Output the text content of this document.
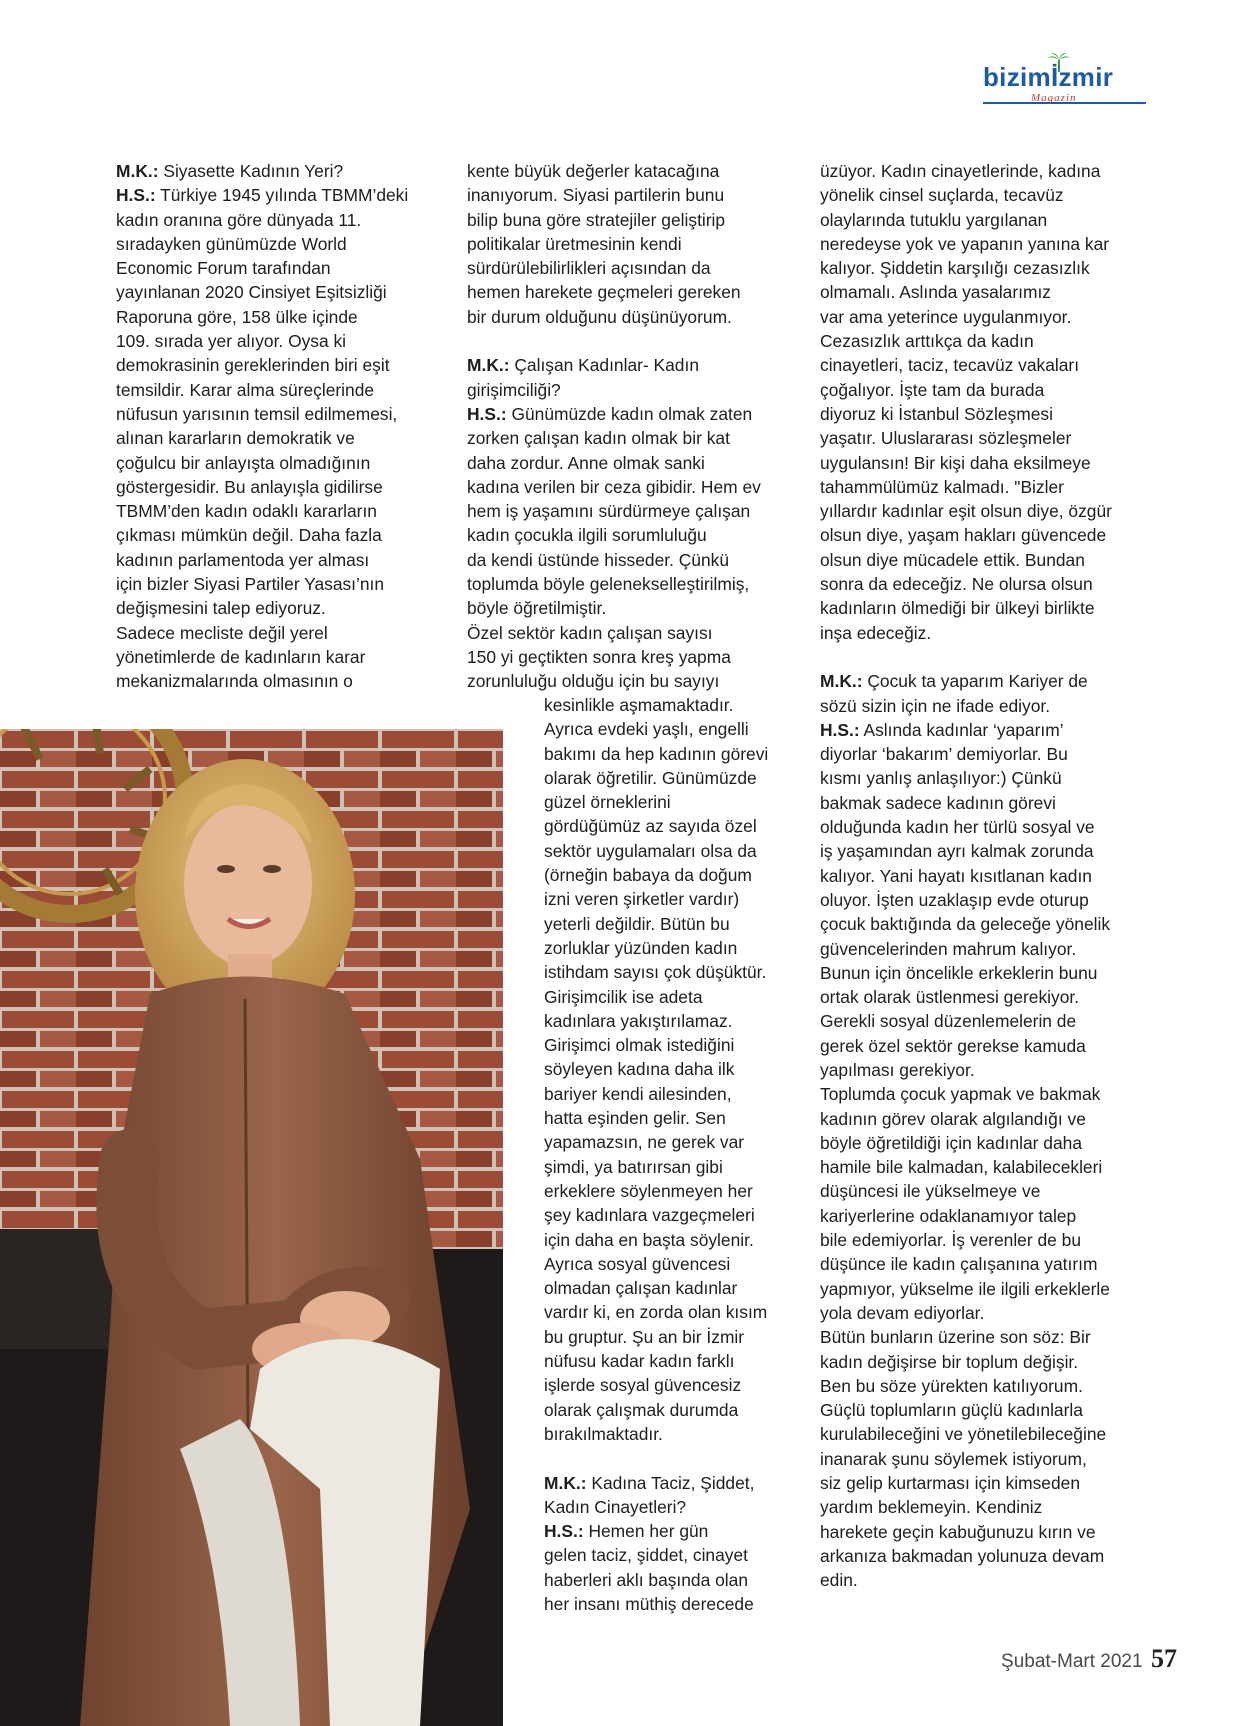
bizimİzmir
Magazin

M.K.: Siyasette Kadının Yeri?

H.S.: Türkiye 1945 yılında TBMM’deki

kadın oranına göre dünyada 11.

sıradayken günümüzde World

Economic Forum tarafından

yayınlanan 2020 Cinsiyet Eşitsizliği

Raporuna göre, 158 ülke içinde

109. sırada yer alıyor. Oysa ki

demokrasinin gereklerinden biri eşit

temsildir. Karar alma süreçlerinde

nüfusun yarısının temsil edilmemesi,

alınan kararların demokratik ve

çoğulcu bir anlayışta olmadığının

göstergesidir. Bu anlayışla gidilirse

TBMM’den kadın odaklı kararların

çıkması mümkün değil. Daha fazla

kadının parlamentoda yer alması

için bizler Siyasi Partiler Yasası’nın

değişmesini talep ediyoruz.

Sadece mecliste değil yerel

yönetimlerde de kadınların karar

mekanizmalarında olmasının o

kente büyük değerler katacağına

inanıyorum. Siyasi partilerin bunu

bilip buna göre stratejiler geliştirip

politikalar üretmesinin kendi

sürdürülebilirlikleri açısından da

hemen harekete geçmeleri gereken

bir durum olduğunu düşünüyorum.

M.K.: Çalışan Kadınlar- Kadın

girişimciliği?

H.S.: Günümüzde kadın olmak zaten

zorken çalışan kadın olmak bir kat

daha zordur. Anne olmak sanki

kadına verilen bir ceza gibidir. Hem ev

hem iş yaşamını sürdürmeye çalışan

kadın çocukla ilgili sorumluluğu

da kendi üstünde hisseder. Çünkü

toplumda böyle gelenekselleştirilmiş,

böyle öğretilmiştir.

Özel sektör kadın çalışan sayısı

150 yi geçtikten sonra kreş yapma

zorunluluğu olduğu için bu sayıyı

kesinlikle aşmamaktadır.

Ayrıca evdeki yaşlı, engelli

bakımı da hep kadının görevi

olarak öğretilir. Günümüzde

güzel örneklerini

gördüğümüz az sayıda özel

sektör uygulamaları olsa da

(örneğin babaya da doğum

izni veren şirketler vardır)

yeterli değildir. Bütün bu

zorluklar yüzünden kadın

istihdam sayısı çok düşüktür.

Girişimcilik ise adeta

kadınlara yakıştırılamaz.

Girişimci olmak istediğini

söyleyen kadına daha ilk

bariyer kendi ailesinden,

hatta eşinden gelir. Sen

yapamazsın, ne gerek var

şimdi, ya batırırsan gibi

erkeklere söylenmeyen her

şey kadınlara vazgeçmeleri

için daha en başta söylenir.

Ayrıca sosyal güvencesi

olmadan çalışan kadınlar

vardır ki, en zorda olan kısım

bu gruptur. Şu an bir İzmir

nüfusu kadar kadın farklı

işlerde sosyal güvencesiz

olarak çalışmak durumda

bırakılmaktadır.

M.K.: Kadına Taciz, Şiddet,

Kadın Cinayetleri?

H.S.: Hemen her gün

gelen taciz, şiddet, cinayet

haberleri aklı başında olan

her insanı müthiş derecede

üzüyor. Kadın cinayetlerinde, kadına

yönelik cinsel suçlarda, tecavüz

olaylarında tutuklu yargılanan

neredeyse yok ve yapanın yanına kar

kalıyor. Şiddetin karşılığı cezasızlık

olmamalı. Aslında yasalarımız

var ama yeterince uygulanmıyor.

Cezasızlık arttıkça da kadın

cinayetleri, taciz, tecavüz vakaları

çoğalıyor. İşte tam da burada

diyoruz ki İstanbul Sözleşmesi

yaşatır. Uluslararası sözleşmeler

uygulansın! Bir kişi daha eksilmeye

tahammülümüz kalmadı. "Bizler

yıllardır kadınlar eşit olsun diye, özgür

olsun diye, yaşam hakları güvencede

olsun diye mücadele ettik. Bundan

sonra da edeceğiz. Ne olursa olsun

kadınların ölmediği bir ülkeyi birlikte

inşa edeceğiz.

M.K.: Çocuk ta yaparım Kariyer de

sözü sizin için ne ifade ediyor.

H.S.: Aslında kadınlar ‘yaparım’

diyorlar ‘bakarım’ demiyorlar. Bu

kısmı yanlış anlaşılıyor:) Çünkü

bakmak sadece kadının görevi

olduğunda kadın her türlü sosyal ve

iş yaşamından ayrı kalmak zorunda

kalıyor. Yani hayatı kısıtlanan kadın

oluyor. İşten uzaklaşıp evde oturup

çocuk baktığında da geleceğe yönelik

güvencelerinden mahrum kalıyor.

Bunun için öncelikle erkeklerin bunu

ortak olarak üstlenmesi gerekiyor.

Gerekli sosyal düzenlemelerin de

gerek özel sektör gerekse kamuda

yapılması gerekiyor.

Toplumda çocuk yapmak ve bakmak

kadının görev olarak algılandığı ve

böyle öğretildiği için kadınlar daha

hamile bile kalmadan, kalabilecekleri

düşüncesi ile yükselmeye ve

kariyerlerine odaklanamıyor talep

bile edemiyorlar. İş verenler de bu

düşünce ile kadın çalışanına yatırım

yapmıyor, yükselme ile ilgili erkeklerle

yola devam ediyorlar.

Bütün bunların üzerine son söz: Bir

kadın değişirse bir toplum değişir.

Ben bu söze yürekten katılıyorum.

Güçlü toplumların güçlü kadınlarla

kurulabileceğini ve yönetilebileceğine

inanarak şunu söylemek istiyorum,

siz gelip kurtarması için kimseden

yardım beklemeyin. Kendiniz

harekete geçin kabuğunuzu kırın ve

arkanıza bakmadan yolunuza devam

edin.

Şubat-Mart 2021 57
